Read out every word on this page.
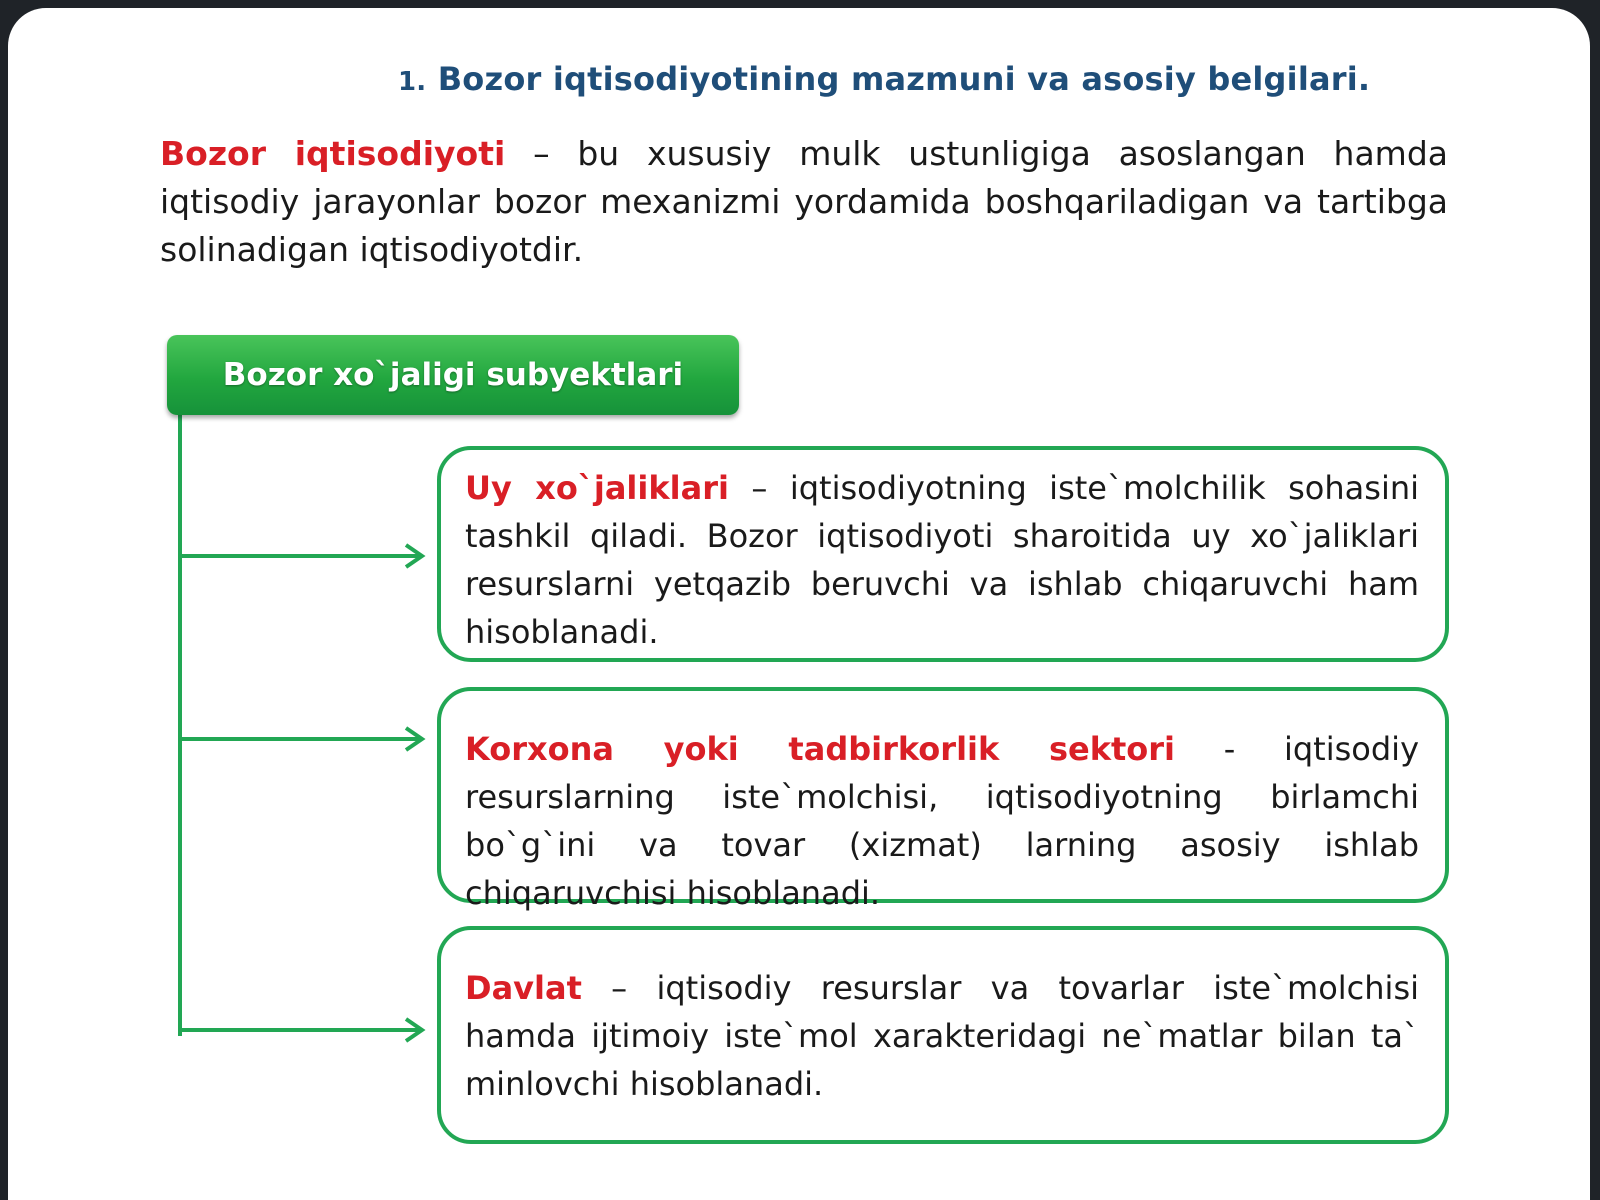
1. Bozor iqtisodiyotining mazmuni va asosiy belgilari.
Bozor iqtisodiyoti – bu xususiy mulk ustunligiga asoslangan hamda iqtisodiy jarayonlar bozor mexanizmi yordamida boshqariladigan va tartibga solinadigan iqtisodiyotdir.
Bozor xo`jaligi subyektlari
Uy xo`jaliklari – iqtisodiyotning iste`molchilik sohasini tashkil qiladi. Bozor iqtisodiyoti sharoitida uy xo`jaliklari resurslarni yetqazib beruvchi va ishlab chiqaruvchi ham hisoblanadi.
Korxona yoki tadbirkorlik sektori - iqtisodiy resurslarning iste`molchisi, iqtisodiyotning birlamchi bo`g`ini va tovar (xizmat) larning asosiy ishlab chiqaruvchisi hisoblanadi.
Davlat – iqtisodiy resurslar va tovarlar iste`molchisi hamda ijtimoiy iste`mol xarakteridagi ne`matlar bilan ta` minlovchi hisoblanadi.
